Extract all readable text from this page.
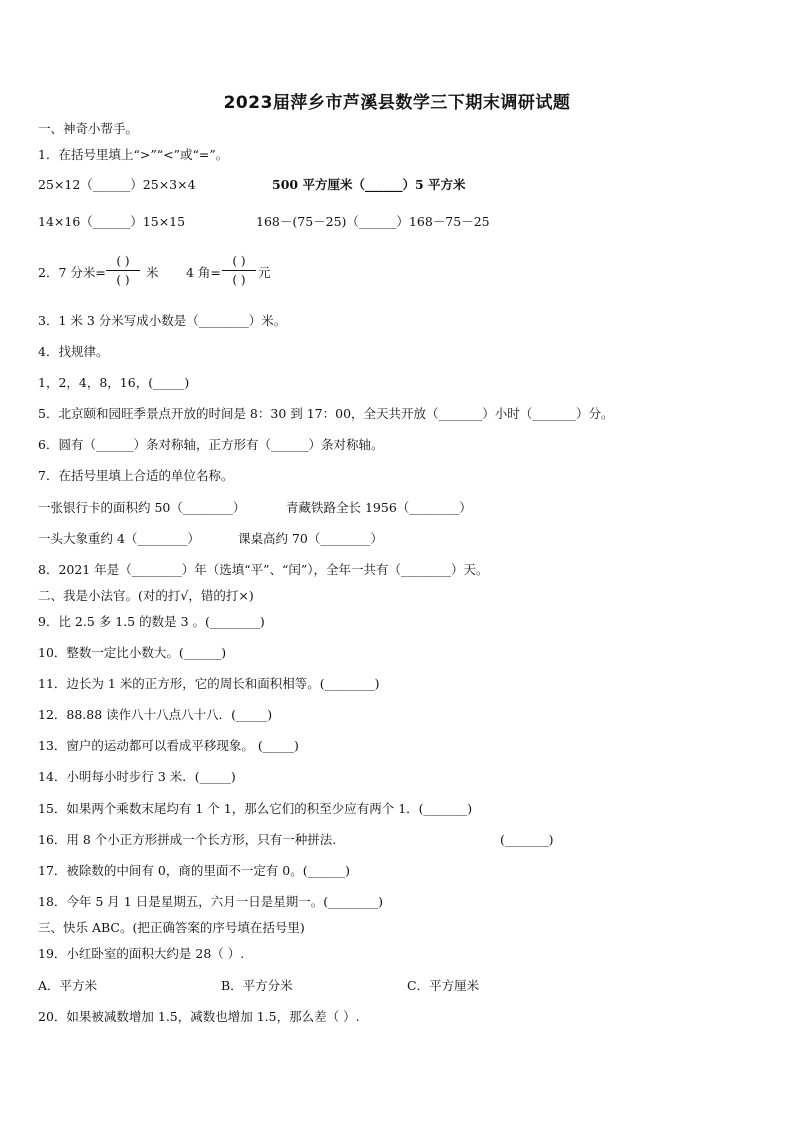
2023届萍乡市芦溪县数学三下期末调研试题
一、神奇小帮手。
1．在括号里填上“>”“<”或“=”。
25×12（______）25×3×4	500 平方厘米（______）5 平方米
14×16（______）15×15	168－(75－25)（______）168－75－25
2．7 分米=
( )
( )	米 4 角=
( )
( ) 元
3．1 米 3 分米写成小数是（________）米。
4．找规律。
1，2，4，8，16，(_____)
5．北京颐和园旺季景点开放的时间是 8：30 到 17：00，全天共开放（_______）小时（_______）分。
6．圆有（______）条对称轴，正方形有（______）条对称轴。
7．在括号里填上合适的单位名称。
一张银行卡的面积约 50（________）	青藏铁路全长 1956（________）
一头大象重约 4（________）	课桌高约 70（________）
8．2021 年是（________）年（选填“平”、“闰”），全年一共有（________）天。
二、我是小法官。(对的打√，错的打×)
9．比 2.5 多 1.5 的数是 3 。(________)
10．整数一定比小数大。(______)
11．边长为 1 米的正方形，它的周长和面积相等。(________)
12．88.88 读作八十八点八十八．(_____)
13．窗户的运动都可以看成平移现象。 (_____)
14．小明每小时步行 3 米．(_____)
15．如果两个乘数末尾均有 1 个 1，那么它们的积至少应有两个 1．(_______)
16．用 8 个小正方形拼成一个长方形，只有一种拼法.	(_______)
17．被除数的中间有 0，商的里面不一定有 0。(______)
18．今年 5 月 1 日是星期五，六月一日是星期一。(________)
三、快乐 ABC。(把正确答案的序号填在括号里)
19．小红卧室的面积大约是 28（ ）.
A．平方米	B．平方分米	C．平方厘米
20．如果被减数增加 1.5，减数也增加 1.5，那么差（ ）.
